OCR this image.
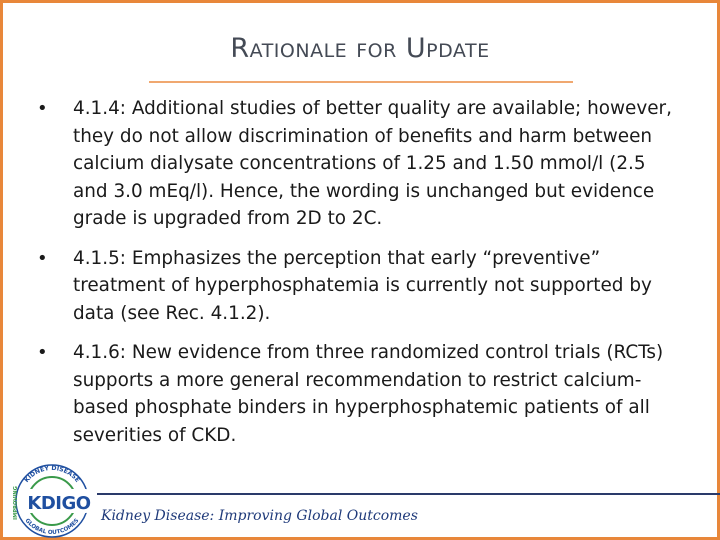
Rationale for Update
• 4.1.4: Additional studies of better quality are available; however, they do not allow discrimination of benefits and harm between calcium dialysate concentrations of 1.25 and 1.50 mmol/l (2.5 and 3.0 mEq/l). Hence, the wording is unchanged but evidence grade is upgraded from 2D to 2C.
• 4.1.5: Emphasizes the perception that early “preventive” treatment of hyperphosphatemia is currently not supported by data (see Rec. 4.1.2).
• 4.1.6: New evidence from three randomized control trials (RCTs) supports a more general recommendation to restrict calcium-based phosphate binders in hyperphosphatemic patients of all severities of CKD.
KIDNEY DISEASE
GLOBAL OUTCOMES
IMPROVING KDIGO
Kidney Disease: Improving Global Outcomes
